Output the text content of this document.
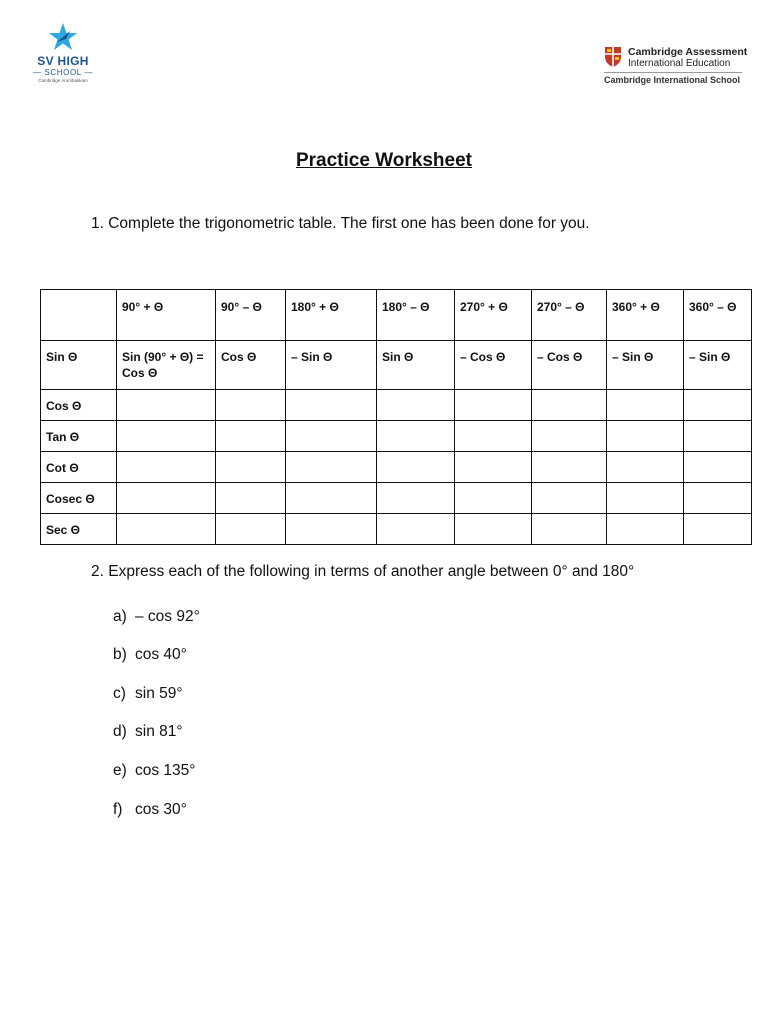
SV HIGH
— SCHOOL —
Cambridge Arumbakkam
Cambridge Assessment
International Education
Cambridge International School
Practice Worksheet
1. Complete the trigonometric table. The first one has been done for you.
	90° + Θ	90° – Θ	180° + Θ	180° – Θ	270° + Θ	270° – Θ	360° + Θ	360° – Θ
Sin Θ	Sin (90° + Θ) = Cos Θ	Cos Θ	– Sin Θ	Sin Θ	– Cos Θ	– Cos Θ	– Sin Θ	– Sin Θ
Cos Θ								
Tan Θ								
Cot Θ								
Cosec Θ								
Sec Θ								
2. Express each of the following in terms of another angle between 0° and 180°
a) – cos 92°
b) cos 40°
c) sin 59°
d) sin 81°
e) cos 135°
f) cos 30°
